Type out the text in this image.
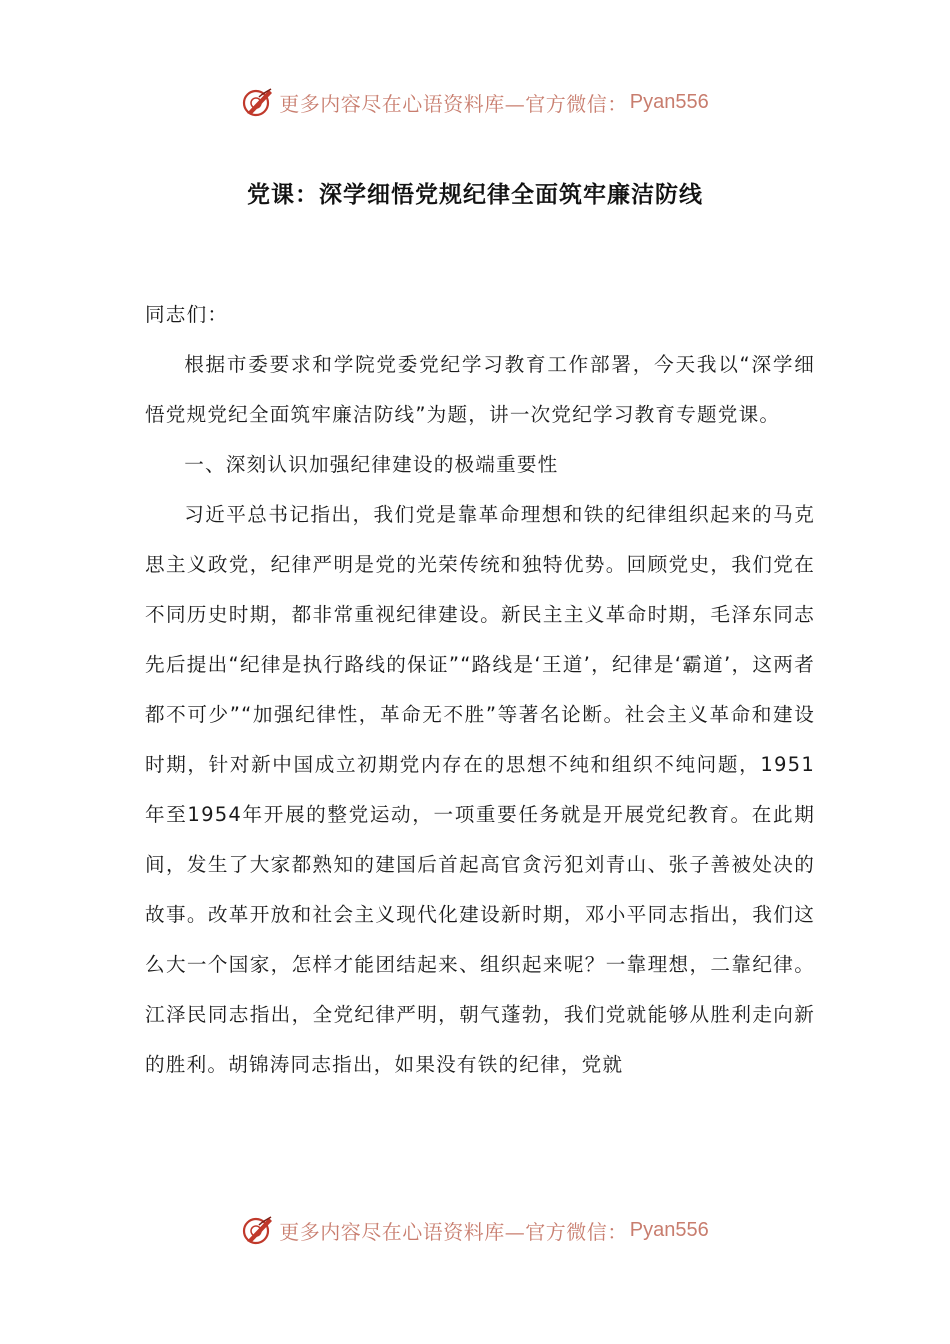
更多内容尽在心语资料库—官方微信： Pyan556
党课：深学细悟党规纪律全面筑牢廉洁防线

同志们：

根据市委要求和学院党委党纪学习教育工作部署，今天我以“深学细悟党规党纪全面筑牢廉洁防线”为题，讲一次党纪学习教育专题党课。

一、深刻认识加强纪律建设的极端重要性

习近平总书记指出，我们党是靠革命理想和铁的纪律组织起来的马克思主义政党，纪律严明是党的光荣传统和独特优势。回顾党史，我们党在不同历史时期，都非常重视纪律建设。新民主主义革命时期，毛泽东同志先后提出“纪律是执行路线的保证”“路线是‘王道’，纪律是‘霸道’，这两者都不可少”“加强纪律性，革命无不胜”等著名论断。社会主义革命和建设时期，针对新中国成立初期党内存在的思想不纯和组织不纯问题，1951年至1954年开展的整党运动，一项重要任务就是开展党纪教育。在此期间，发生了大家都熟知的建国后首起高官贪污犯刘青山、张子善被处决的故事。改革开放和社会主义现代化建设新时期，邓小平同志指出，我们这么大一个国家，怎样才能团结起来、组织起来呢？一靠理想，二靠纪律。江泽民同志指出，全党纪律严明，朝气蓬勃，我们党就能够从胜利走向新的胜利。胡锦涛同志指出，如果没有铁的纪律，党就

更多内容尽在心语资料库—官方微信： Pyan556
